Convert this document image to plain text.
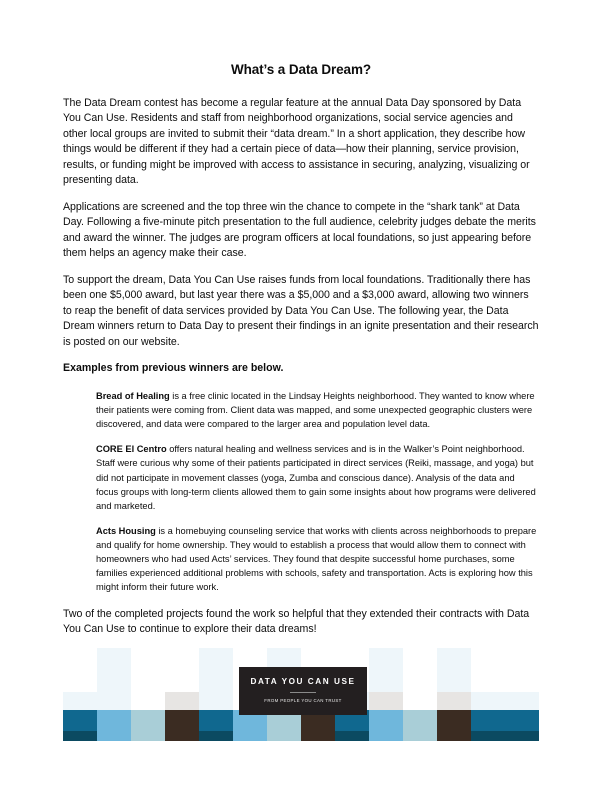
What’s a Data Dream?

The Data Dream contest has become a regular feature at the annual Data Day sponsored by Data You Can Use. Residents and staff from neighborhood organizations, social service agencies and other local groups are invited to submit their “data dream.” In a short application, they describe how things would be different if they had a certain piece of data—how their planning, service provision, results, or funding might be improved with access to assistance in securing, analyzing, visualizing or presenting data.

Applications are screened and the top three win the chance to compete in the “shark tank” at Data Day. Following a five-minute pitch presentation to the full audience, celebrity judges debate the merits and award the winner. The judges are program officers at local foundations, so just appearing before them helps an agency make their case.

To support the dream, Data You Can Use raises funds from local foundations. Traditionally there has been one $5,000 award, but last year there was a $5,000 and a $3,000 award, allowing two winners to reap the benefit of data services provided by Data You Can Use. The following year, the Data Dream winners return to Data Day to present their findings in an ignite presentation and their research is posted on our website.

Examples from previous winners are below.

Bread of Healing is a free clinic located in the Lindsay Heights neighborhood. They wanted to know where their patients were coming from. Client data was mapped, and some unexpected geographic clusters were discovered, and data were compared to the larger area and population level data.

CORE El Centro offers natural healing and wellness services and is in the Walker’s Point neighborhood. Staff were curious why some of their patients participated in direct services (Reiki, massage, and yoga) but did not participate in movement classes (yoga, Zumba and conscious dance). Analysis of the data and focus groups with long-term clients allowed them to gain some insights about how programs were delivered and marketed.

Acts Housing is a homebuying counseling service that works with clients across neighborhoods to prepare and qualify for home ownership. They would to establish a process that would allow them to connect with homeowners who had used Acts’ services. They found that despite successful home purchases, some families experienced additional problems with schools, safety and transportation. Acts is exploring how this might inform their future work.

Two of the completed projects found the work so helpful that they extended their contracts with Data You Can Use to continue to explore their data dreams!

DATA YOU CAN USE
FROM PEOPLE YOU CAN TRUST
